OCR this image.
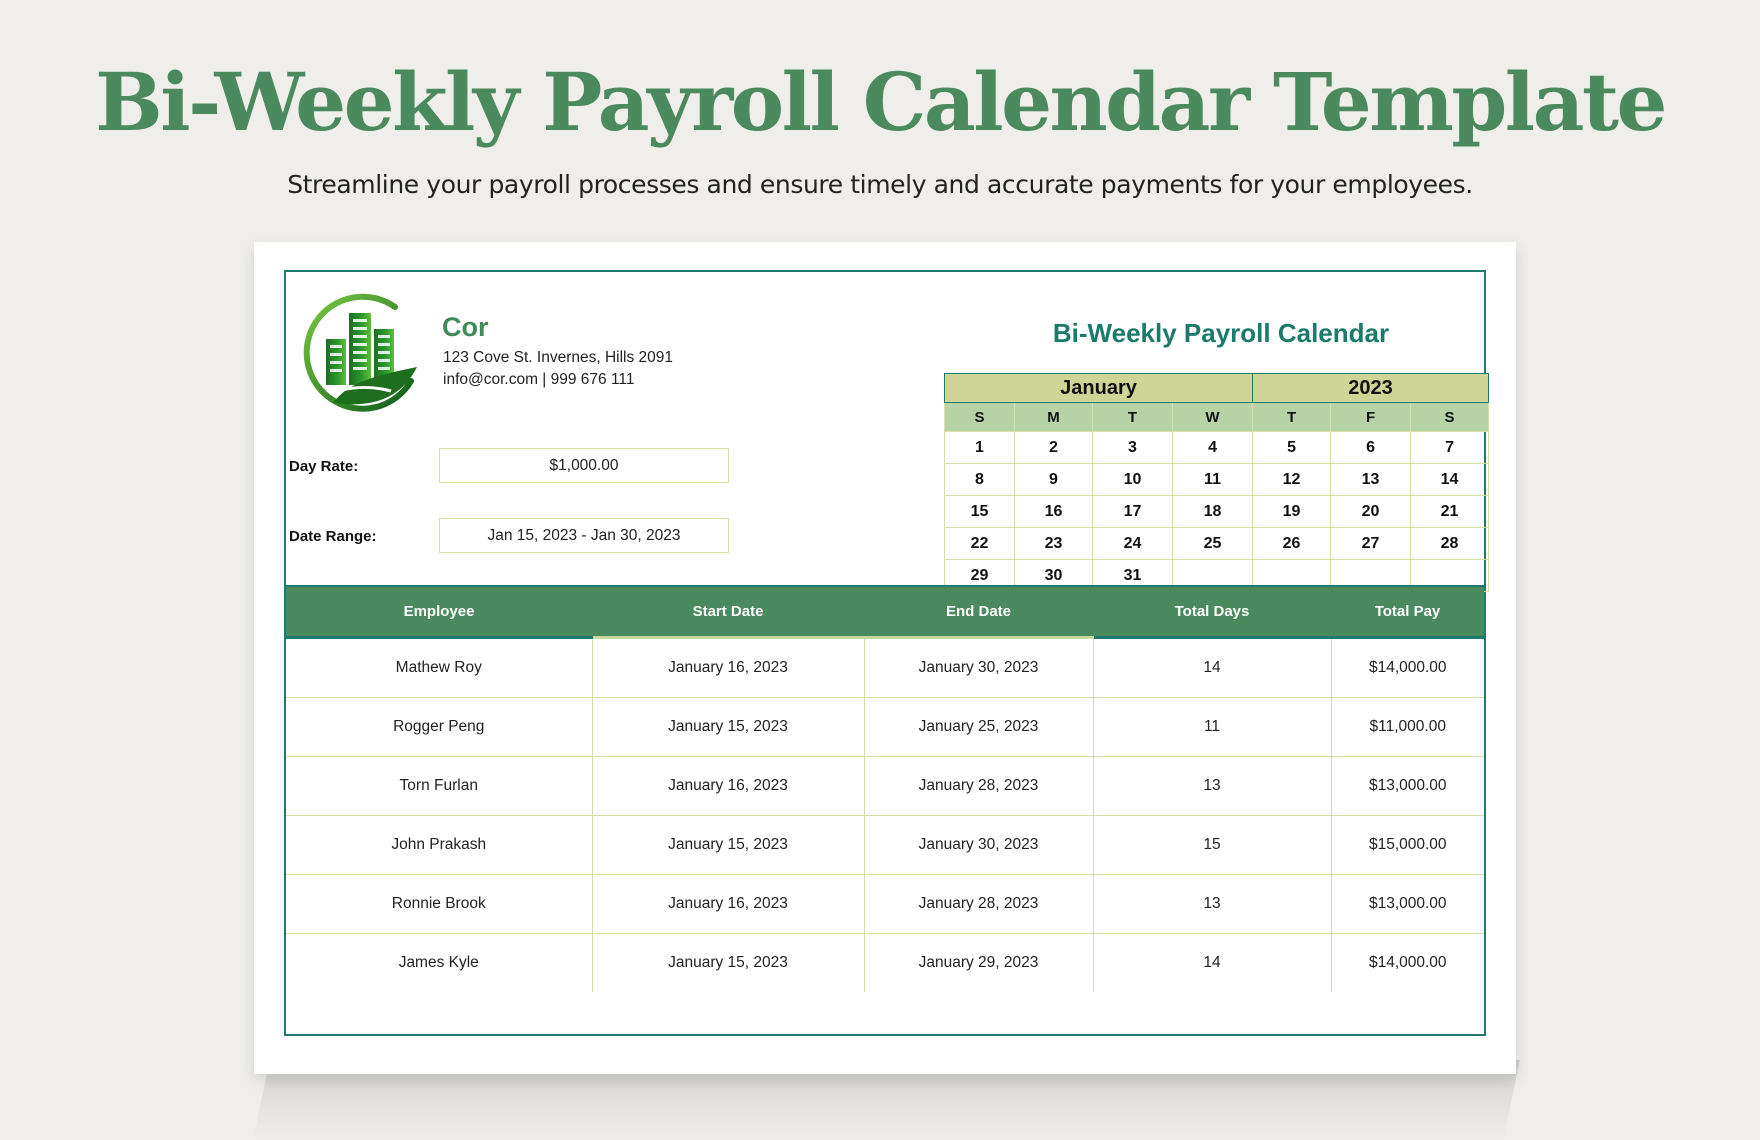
Bi-Weekly Payroll Calendar Template
Streamline your payroll processes and ensure timely and accurate payments for your employees.
Cor
123 Cove St. Invernes, Hills 2091
info@cor.com | 999 676 111
Day Rate:	$1,000.00
Date Range:	Jan 15, 2023 - Jan 30, 2023
Bi-Weekly Payroll Calendar
January				2023		
S	M	T	W	T	F	S
1	2	3	4	5	6	7
8	9	10	11	12	13	14
15	16	17	18	19	20	21
22	23	24	25	26	27	28
29	30	31				
Employee	Start Date	End Date	Total Days	Total Pay
Mathew Roy	January 16, 2023	January 30, 2023	14	$14,000.00
Rogger Peng	January 15, 2023	January 25, 2023	11	$11,000.00
Torn Furlan	January 16, 2023	January 28, 2023	13	$13,000.00
John Prakash	January 15, 2023	January 30, 2023	15	$15,000.00
Ronnie Brook	January 16, 2023	January 28, 2023	13	$13,000.00
James Kyle	January 15, 2023	January 29, 2023	14	$14,000.00
